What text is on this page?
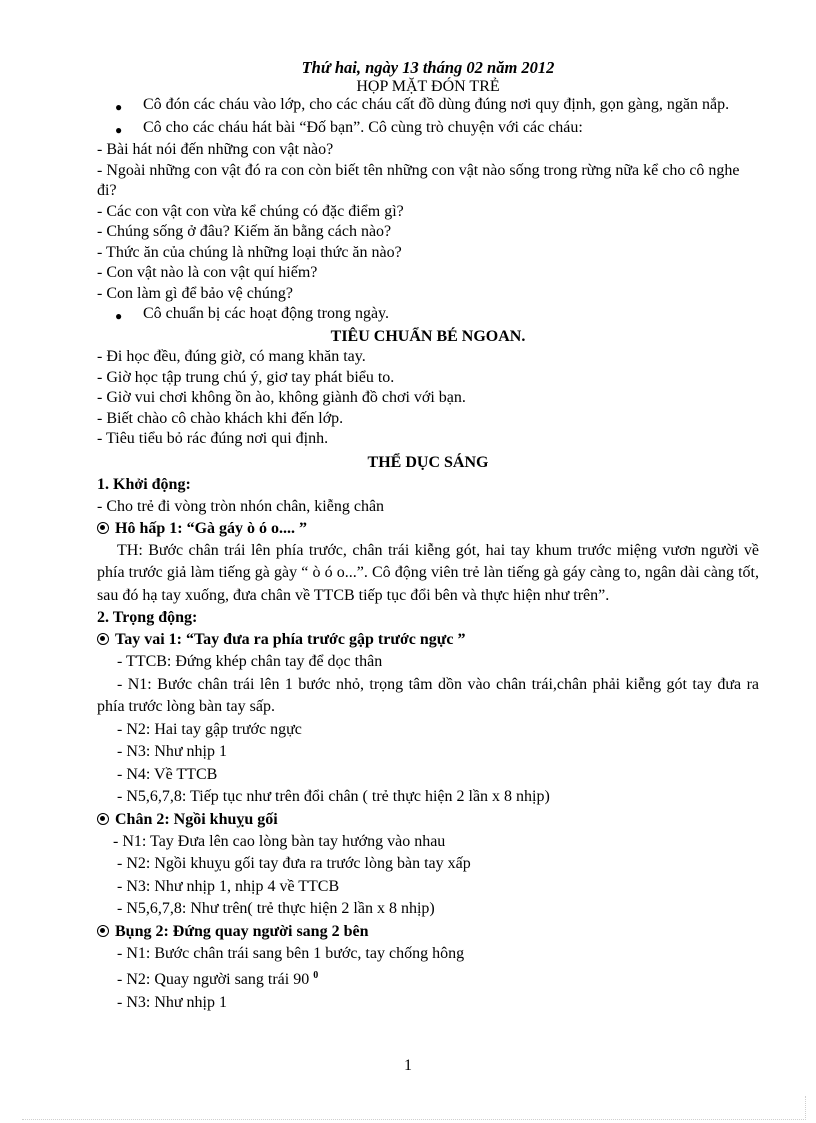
Thứ hai, ngày 13 tháng 02 năm 2012
HỌP MẶT ĐÓN TRẺ
●	Cô đón các cháu vào lớp, cho các cháu cất đồ dùng đúng nơi quy định, gọn gàng, ngăn nắp.
●	Cô cho các cháu hát bài “Đố bạn”. Cô cùng trò chuyện với các cháu:
- Bài hát nói đến những con vật nào?
- Ngoài những con vật đó ra con còn biết tên những con vật nào sống trong rừng nữa kể cho cô nghe đi?
- Các con vật con vừa kể chúng có đặc điểm gì?
- Chúng sống ở đâu? Kiếm ăn bằng cách nào?
- Thức ăn của chúng là những loại thức ăn nào?
- Con vật nào là con vật quí hiếm?
- Con làm gì để bảo vệ chúng?
●	Cô chuẩn bị các hoạt động trong ngày.
TIÊU CHUẨN BÉ NGOAN.
- Đi học đều, đúng giờ, có mang khăn tay.
- Giờ học tập trung chú ý, giơ tay phát biểu to.
- Giờ vui chơi không ồn ào, không giành đồ chơi với bạn.
- Biết chào cô chào khách khi đến lớp.
- Tiêu tiểu bỏ rác đúng nơi qui định.
THỂ DỤC SÁNG
1. Khởi động:
- Cho trẻ đi vòng tròn nhón chân, kiễng chân
Hô hấp 1: “Gà gáy ò ó o.... ”
TH: Bước chân trái lên phía trước, chân trái kiễng gót, hai tay khum trước miệng vươn người về phía trước giả làm tiếng gà gày “ ò ó o...”. Cô động viên trẻ làn tiếng gà gáy càng to, ngân dài càng tốt, sau đó hạ tay xuống, đưa chân về TTCB tiếp tục đổi bên và thực hiện như trên”.
2. Trọng động:
Tay vai 1: “Tay đưa ra phía trước gập trước ngực ”
- TTCB: Đứng khép chân tay để dọc thân
- N1: Bước chân trái lên 1 bước nhỏ, trọng tâm dồn vào chân trái,chân phải kiễng gót tay đưa ra phía trước lòng bàn tay sấp.
- N2: Hai tay gập trước ngực
- N3: Như nhịp 1
- N4: Về TTCB
- N5,6,7,8: Tiếp tục như trên đổi chân ( trẻ thực hiện 2 lần x 8 nhịp)
Chân 2: Ngồi khuỵu gối
- N1: Tay Đưa lên cao lòng bàn tay hướng vào nhau
- N2: Ngồi khuỵu gối tay đưa ra trước lòng bàn tay xấp
- N3: Như nhịp 1, nhịp 4 về TTCB
- N5,6,7,8: Như trên( trẻ thực hiện 2 lần x 8 nhịp)
Bụng 2: Đứng quay người sang 2 bên
- N1: Bước chân trái sang bên 1 bước, tay chống hông
- N2: Quay người sang trái 90 $^0$
- N3: Như nhịp 1
1
